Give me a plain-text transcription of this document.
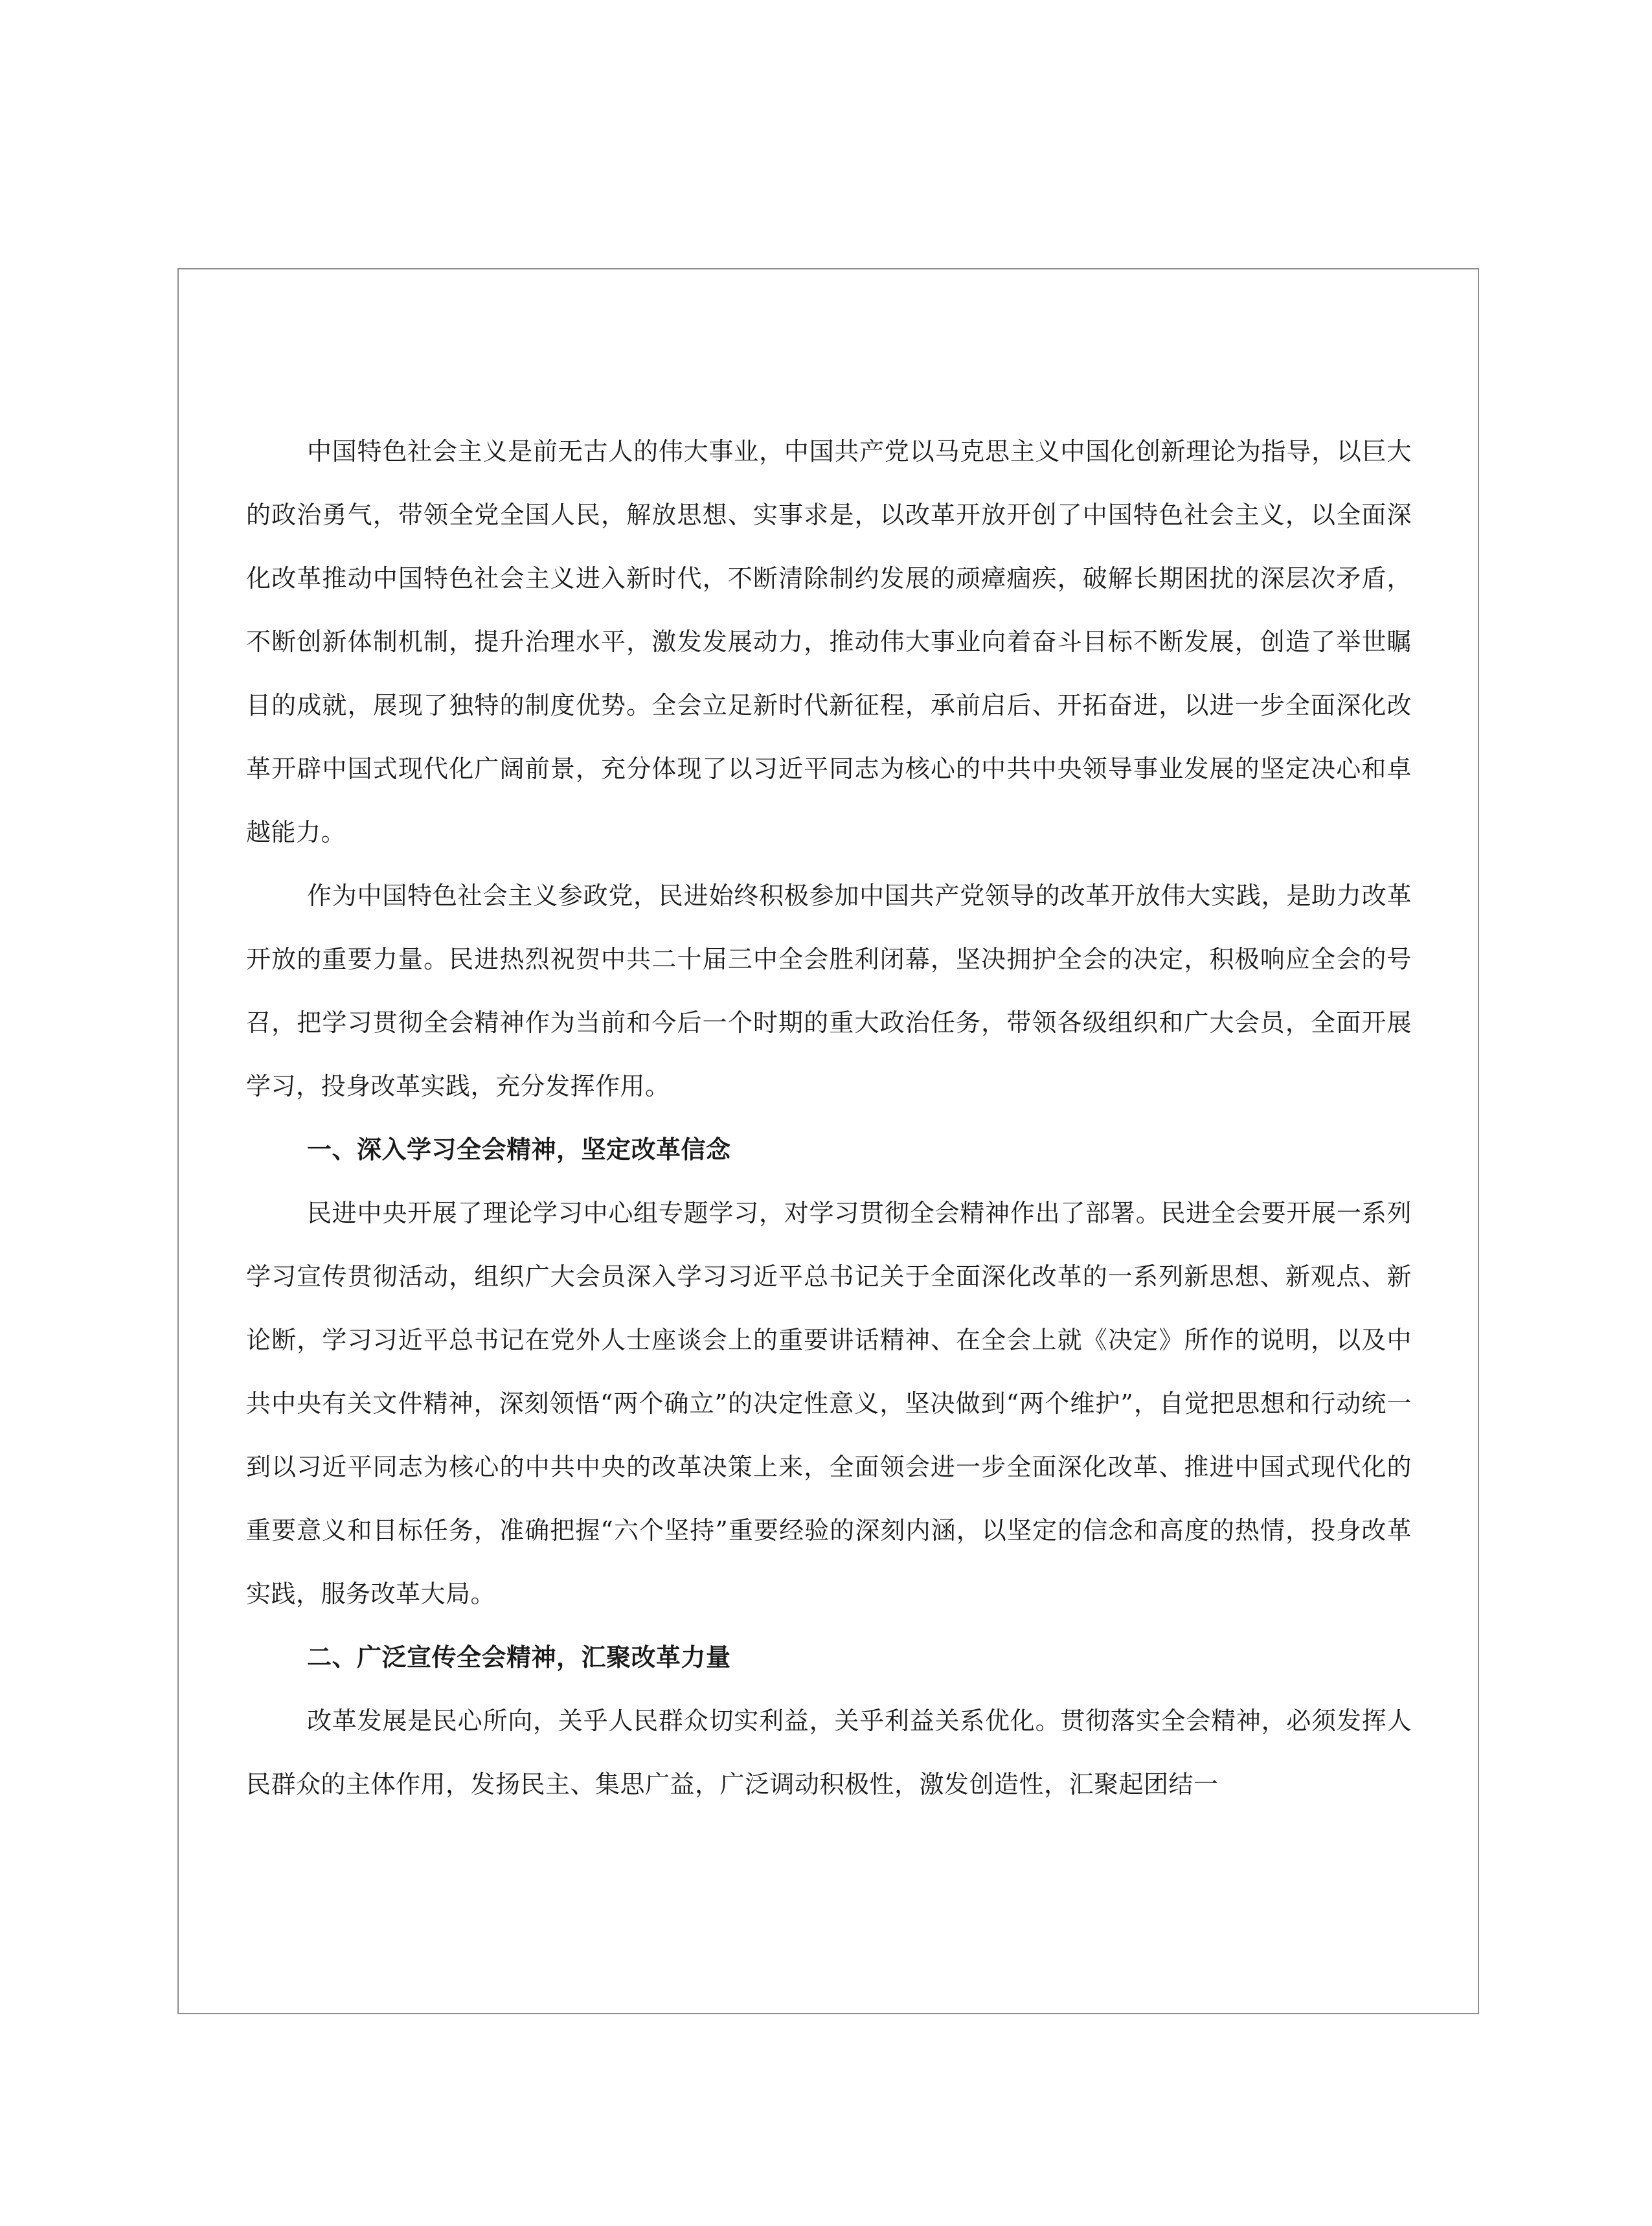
中国特色社会主义是前无古人的伟大事业，中国共产党以马克思主义中国化创新理论为指导，以巨大的政治勇气，带领全党全国人民，解放思想、实事求是，以改革开放开创了中国特色社会主义，以全面深化改革推动中国特色社会主义进入新时代，不断清除制约发展的顽瘴痼疾，破解长期困扰的深层次矛盾，不断创新体制机制，提升治理水平，激发发展动力，推动伟大事业向着奋斗目标不断发展，创造了举世瞩目的成就，展现了独特的制度优势。全会立足新时代新征程，承前启后、开拓奋进，以进一步全面深化改革开辟中国式现代化广阔前景，充分体现了以习近平同志为核心的中共中央领导事业发展的坚定决心和卓越能力。

作为中国特色社会主义参政党，民进始终积极参加中国共产党领导的改革开放伟大实践，是助力改革开放的重要力量。民进热烈祝贺中共二十届三中全会胜利闭幕，坚决拥护全会的决定，积极响应全会的号召，把学习贯彻全会精神作为当前和今后一个时期的重大政治任务，带领各级组织和广大会员，全面开展学习，投身改革实践，充分发挥作用。

一、深入学习全会精神，坚定改革信念

民进中央开展了理论学习中心组专题学习，对学习贯彻全会精神作出了部署。民进全会要开展一系列学习宣传贯彻活动，组织广大会员深入学习习近平总书记关于全面深化改革的一系列新思想、新观点、新论断，学习习近平总书记在党外人士座谈会上的重要讲话精神、在全会上就《决定》所作的说明，以及中共中央有关文件精神，深刻领悟“两个确立”的决定性意义，坚决做到“两个维护”，自觉把思想和行动统一到以习近平同志为核心的中共中央的改革决策上来，全面领会进一步全面深化改革、推进中国式现代化的重要意义和目标任务，准确把握“六个坚持”重要经验的深刻内涵，以坚定的信念和高度的热情，投身改革实践，服务改革大局。

二、广泛宣传全会精神，汇聚改革力量

改革发展是民心所向，关乎人民群众切实利益，关乎利益关系优化。贯彻落实全会精神，必须发挥人民群众的主体作用，发扬民主、集思广益，广泛调动积极性，激发创造性，汇聚起团结一
